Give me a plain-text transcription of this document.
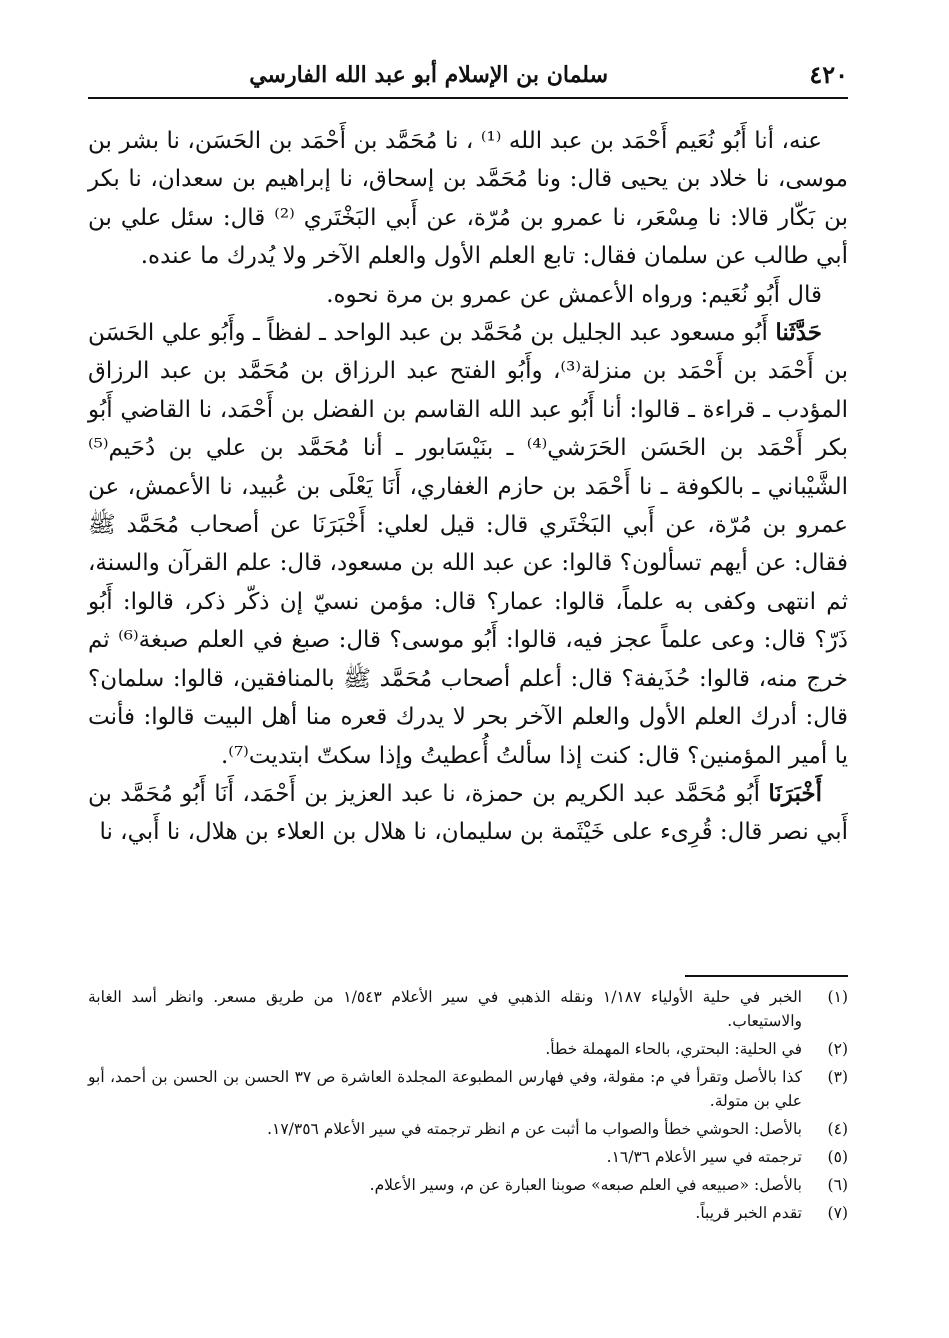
٤٢٠
سلمان بن الإسلام أبو عبد الله الفارسي

عنه، أنا أَبُو نُعَيم أَحْمَد بن عبد الله ⁽¹⁾ ، نا مُحَمَّد بن أَحْمَد بن الحَسَن، نا بشر بن موسى، نا خلاد بن يحيى قال: ونا مُحَمَّد بن إسحاق، نا إبراهيم بن سعدان، نا بكر بن بَكّار قالا: نا مِسْعَر، نا عمرو بن مُرّة، عن أَبي البَخْتَري ⁽²⁾ قال: سئل علي بن أبي طالب عن سلمان فقال: تابع العلم الأول والعلم الآخر ولا يُدرك ما عنده.

قال أَبُو نُعَيم: ورواه الأعمش عن عمرو بن مرة نحوه.

حَدَّثَنا أَبُو مسعود عبد الجليل بن مُحَمَّد بن عبد الواحد ـ لفظاً ـ وأَبُو علي الحَسَن بن أَحْمَد بن أَحْمَد بن منزلة⁽³⁾، وأَبُو الفتح عبد الرزاق بن مُحَمَّد بن عبد الرزاق المؤدب ـ قراءة ـ قالوا: أنا أَبُو عبد الله القاسم بن الفضل بن أَحْمَد، نا القاضي أَبُو بكر أَحْمَد بن الحَسَن الحَرَشي⁽⁴⁾ ـ بنَيْسَابور ـ أنا مُحَمَّد بن علي بن دُحَيم⁽⁵⁾ الشَّيْباني ـ بالكوفة ـ نا أَحْمَد بن حازم الغفاري، أَنَا يَعْلَى بن عُبيد، نا الأعمش، عن عمرو بن مُرّة، عن أَبي البَخْتَري قال: قيل لعلي: أَخْبَرَنَا عن أصحاب مُحَمَّد ﷺ فقال: عن أيهم تسألون؟ قالوا: عن عبد الله بن مسعود، قال: علم القرآن والسنة، ثم انتهى وكفى به علماً، قالوا: عمار؟ قال: مؤمن نسيّ إن ذكّر ذكر، قالوا: أَبُو ذَرّ؟ قال: وعى علماً عجز فيه، قالوا: أَبُو موسى؟ قال: صبغ في العلم صبغة⁽⁶⁾ ثم خرج منه، قالوا: حُذَيفة؟ قال: أعلم أصحاب مُحَمَّد ﷺ بالمنافقين، قالوا: سلمان؟ قال: أدرك العلم الأول والعلم الآخر بحر لا يدرك قعره منا أهل البيت قالوا: فأنت يا أمير المؤمنين؟ قال: كنت إذا سألتُ أُعطيتُ وإذا سكتّ ابتديت⁽⁷⁾.

أَخْبَرَنَا أَبُو مُحَمَّد عبد الكريم بن حمزة، نا عبد العزيز بن أَحْمَد، أَنَا أَبُو مُحَمَّد بن أَبي نصر قال: قُرِىء على خَيْثَمة بن سليمان، نا هلال بن العلاء بن هلال، نا أَبي، نا

(١)
الخبر في حلية الأولياء ١/١٨٧ ونقله الذهبي في سير الأعلام ١/٥٤٣ من طريق مسعر. وانظر أسد الغابة والاستيعاب.
(٢)
في الحلية: البحتري، بالحاء المهملة خطأ.
(٣)
كذا بالأصل وتقرأ في م: مقولة، وفي فهارس المطبوعة المجلدة العاشرة ص ٣٧ الحسن بن الحسن بن أحمد، أبو علي بن متولة.
(٤)
بالأصل: الحوشي خطأ والصواب ما أثبت عن م انظر ترجمته في سير الأعلام ١٧/٣٥٦.
(٥)
ترجمته في سير الأعلام ١٦/٣٦.
(٦)
بالأصل: «صبيعه في العلم صبعه» صوبنا العبارة عن م، وسير الأعلام.
(٧)
تقدم الخبر قريباً.
